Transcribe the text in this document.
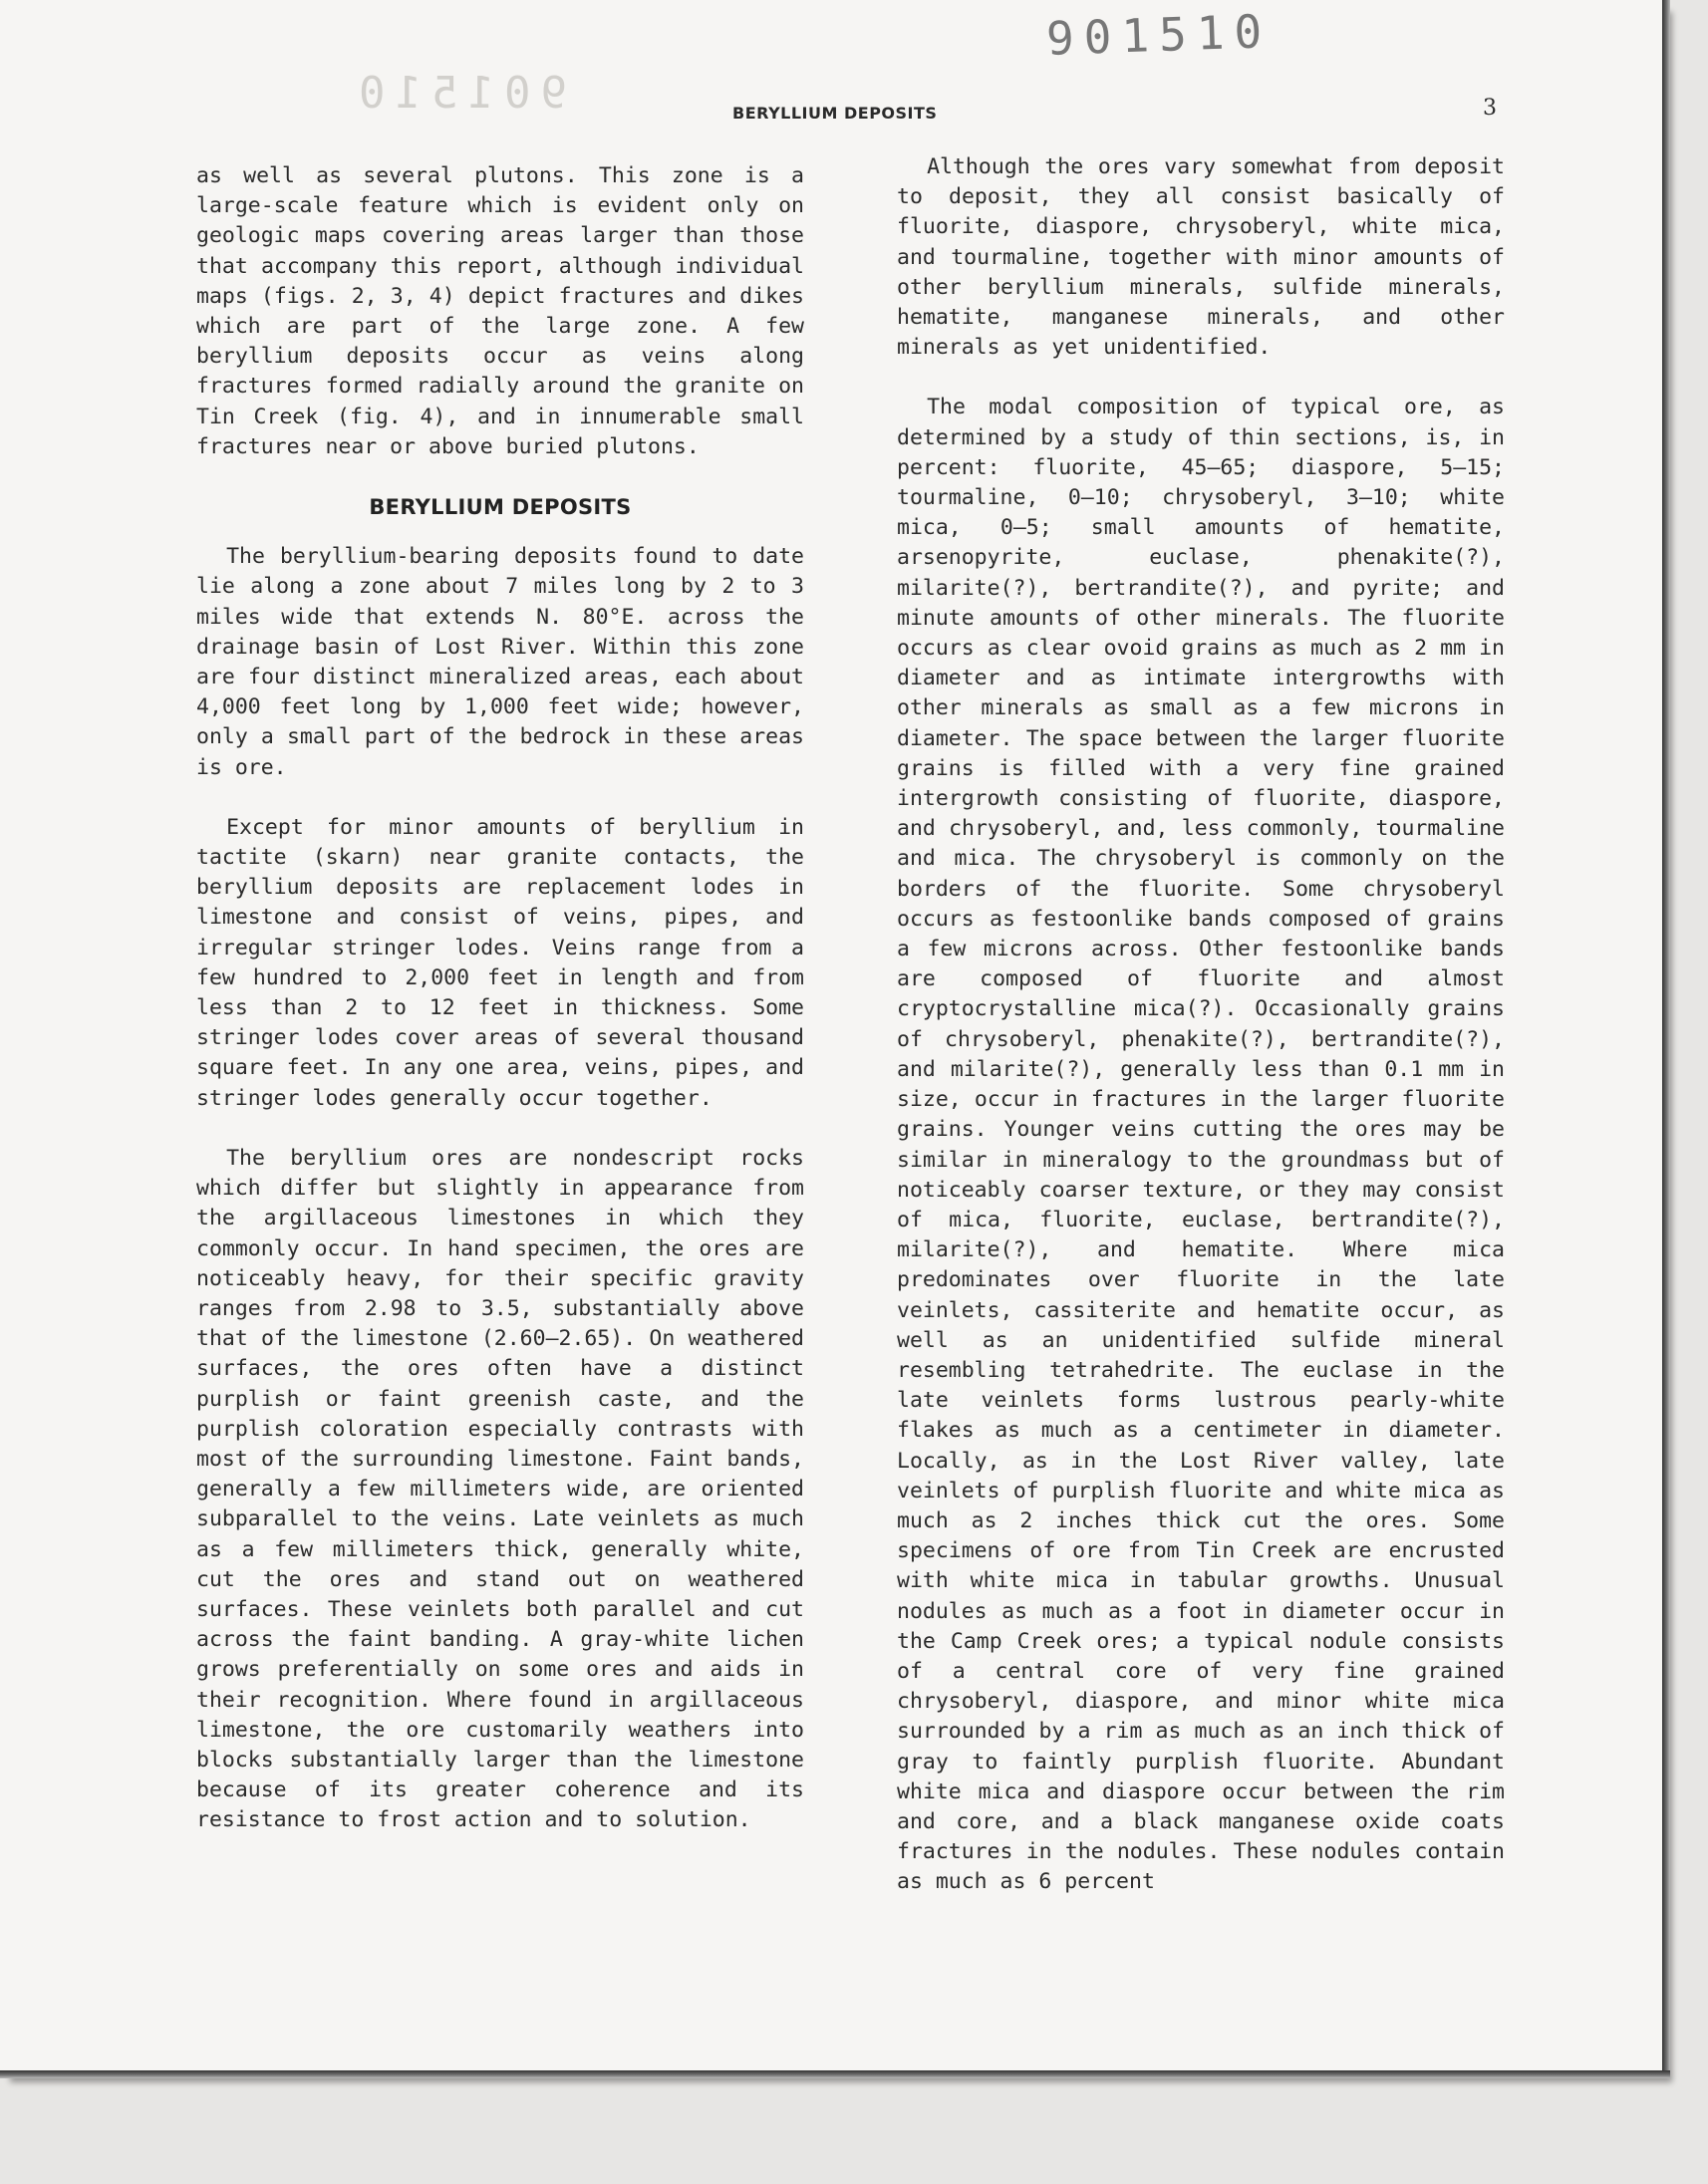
901510
901510
BERYLLIUM DEPOSITS	3

as well as several plutons. This zone is a large-scale feature which is evident only on geologic maps covering areas larger than those that accompany this report, although individual maps (figs. 2, 3, 4) depict fractures and dikes which are part of the large zone. A few beryllium deposits occur as veins along fractures formed radially around the granite on Tin Creek (fig. 4), and in innumerable small fractures near or above buried plutons.

BERYLLIUM DEPOSITS

The beryllium-bearing deposits found to date lie along a zone about 7 miles long by 2 to 3 miles wide that extends N. 80°E. across the drainage basin of Lost River. Within this zone are four distinct mineralized areas, each about 4,000 feet long by 1,000 feet wide; however, only a small part of the bedrock in these areas is ore.

Except for minor amounts of beryllium in tactite (skarn) near granite contacts, the beryllium deposits are replacement lodes in limestone and consist of veins, pipes, and irregular stringer lodes. Veins range from a few hundred to 2,000 feet in length and from less than 2 to 12 feet in thickness. Some stringer lodes cover areas of several thousand square feet. In any one area, veins, pipes, and stringer lodes generally occur together.

The beryllium ores are nondescript rocks which differ but slightly in appearance from the argillaceous limestones in which they commonly occur. In hand specimen, the ores are noticeably heavy, for their specific gravity ranges from 2.98 to 3.5, substantially above that of the limestone (2.60–2.65). On weathered surfaces, the ores often have a distinct purplish or faint greenish caste, and the purplish coloration especially contrasts with most of the surrounding limestone. Faint bands, generally a few millimeters wide, are oriented subparallel to the veins. Late veinlets as much as a few millimeters thick, generally white, cut the ores and stand out on weathered surfaces. These veinlets both parallel and cut across the faint banding. A gray-white lichen grows preferentially on some ores and aids in their recognition. Where found in argillaceous limestone, the ore customarily weathers into blocks substantially larger than the limestone because of its greater coherence and its resistance to frost action and to solution.

Although the ores vary somewhat from deposit to deposit, they all consist basically of fluorite, diaspore, chrysoberyl, white mica, and tourmaline, together with minor amounts of other beryllium minerals, sulfide minerals, hematite, manganese minerals, and other minerals as yet unidentified.

The modal composition of typical ore, as determined by a study of thin sections, is, in percent: fluorite, 45–65; diaspore, 5–15; tourmaline, 0–10; chrysoberyl, 3–10; white mica, 0–5; small amounts of hematite, arsenopyrite, euclase, phenakite(?), milarite(?), bertrandite(?), and pyrite; and minute amounts of other minerals. The fluorite occurs as clear ovoid grains as much as 2 mm in diameter and as intimate intergrowths with other minerals as small as a few microns in diameter. The space between the larger fluorite grains is filled with a very fine grained intergrowth consisting of fluorite, diaspore, and chrysoberyl, and, less commonly, tourmaline and mica. The chrysoberyl is commonly on the borders of the fluorite. Some chrysoberyl occurs as festoonlike bands composed of grains a few microns across. Other festoonlike bands are composed of fluorite and almost cryptocrystalline mica(?). Occasionally grains of chrysoberyl, phenakite(?), bertrandite(?), and milarite(?), generally less than 0.1 mm in size, occur in fractures in the larger fluorite grains. Younger veins cutting the ores may be similar in mineralogy to the groundmass but of noticeably coarser texture, or they may consist of mica, fluorite, euclase, bertrandite(?), milarite(?), and hematite. Where mica predominates over fluorite in the late veinlets, cassiterite and hematite occur, as well as an unidentified sulfide mineral resembling tetrahedrite. The euclase in the late veinlets forms lustrous pearly-white flakes as much as a centimeter in diameter. Locally, as in the Lost River valley, late veinlets of purplish fluorite and white mica as much as 2 inches thick cut the ores. Some specimens of ore from Tin Creek are encrusted with white mica in tabular growths. Unusual nodules as much as a foot in diameter occur in the Camp Creek ores; a typical nodule consists of a central core of very fine grained chrysoberyl, diaspore, and minor white mica surrounded by a rim as much as an inch thick of gray to faintly purplish fluorite. Abundant white mica and diaspore occur between the rim and core, and a black manganese oxide coats fractures in the nodules. These nodules contain as much as 6 percent
